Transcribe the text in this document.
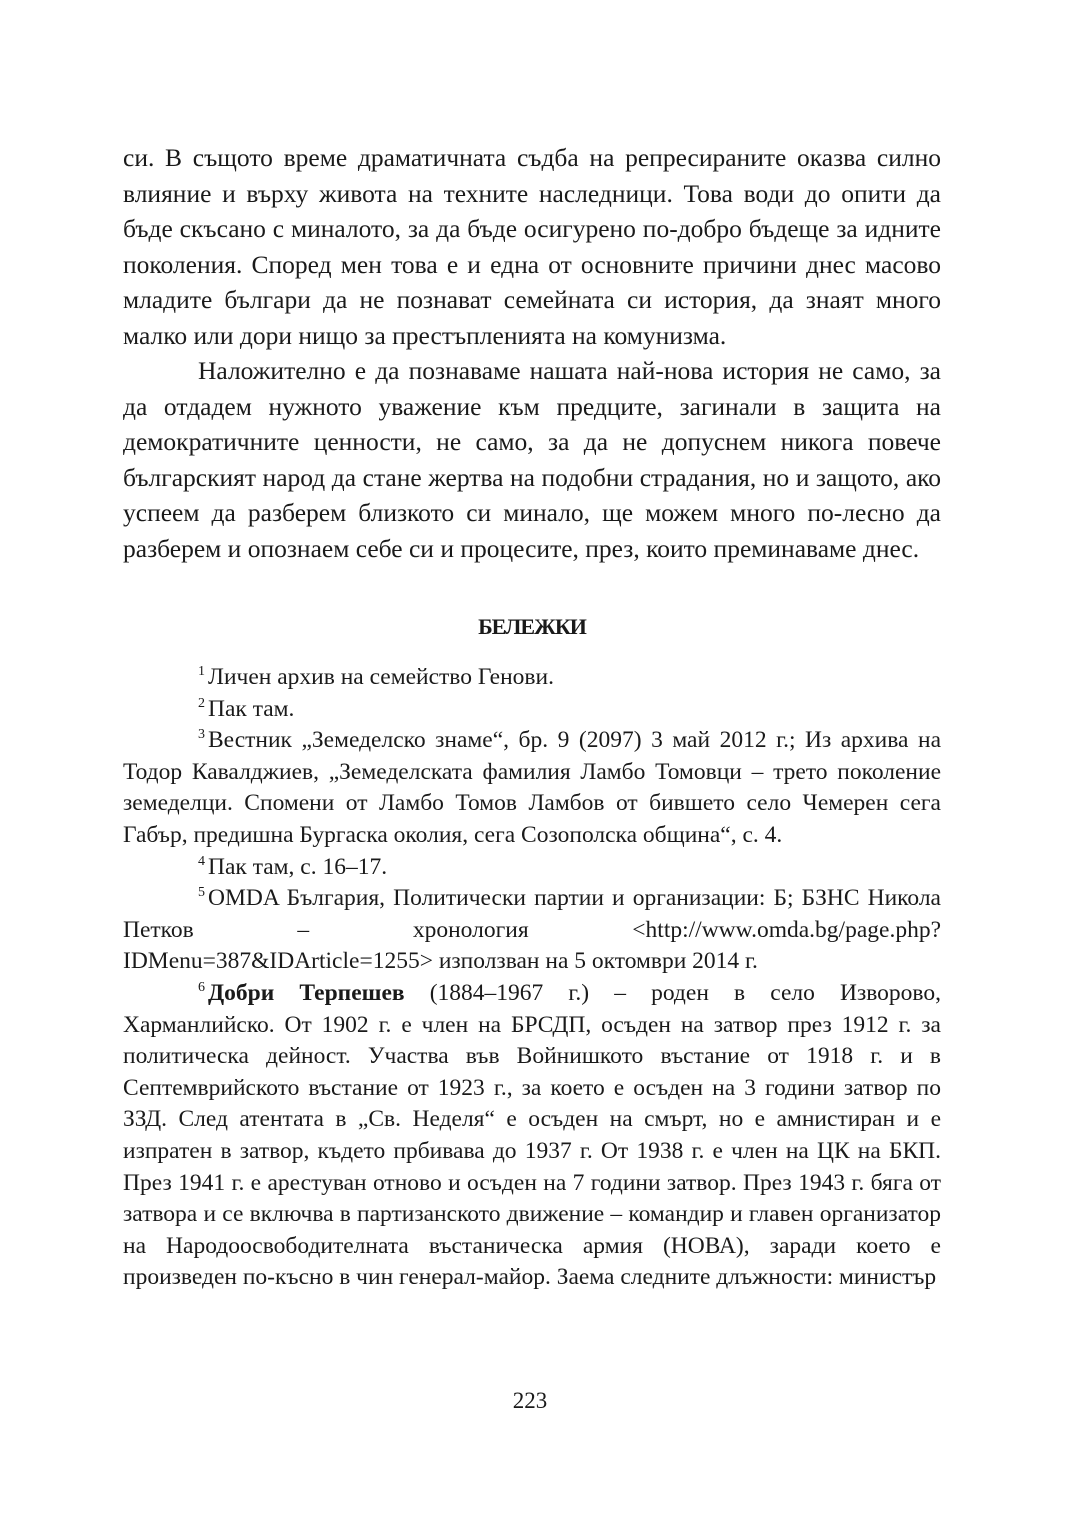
си. В същото време драматичната съдба на репресираните оказва силно влияние и върху живота на техните наследници. Това води до опити да бъде скъсано с миналото, за да бъде осигурено по-добро бъдеще за идните поколения. Според мен това е и една от основните причини днес масово младите българи да не познават семейната си история, да знаят много малко или дори нищо за престъпленията на комунизма.

Наложително е да познаваме нашата най-нова история не само, за да отдадем нужното уважение към предците, загинали в защита на демократичните ценности, не само, за да не допуснем никога повече българският народ да стане жертва на подобни страдания, но и защото, ако успеем да разберем близкото си минало, ще можем много по-лесно да разберем и опознаем себе си и процесите, през, които преминаваме днес.

БЕЛЕЖКИ

$^1$ Личен архив на семейство Генови.

$^2$ Пак там.

$^3$ Вестник „Земеделско знаме“, бр. 9 (2097) 3 май 2012 г.; Из архива на Тодор Кавалджиев, „Земеделската фамилия Ламбо Томовци – трето поколение земеделци. Спомени от Ламбо Томов Ламбов от бившето село Чемерен сега Габър, предишна Бургаска околия, сега Созополска община“, с. 4.

$^4$ Пак там, с. 16–17.

$^5$ OMDA България, Политически партии и организации: Б; БЗНС Никола Петков – хронология <http://www.omda.bg/page.php?IDMenu=387&IDArticle=1255> използван на 5 октомври 2014 г.

$^6$ Добри Терпешев (1884–1967 г.) – роден в село Изворово, Харманлийско. От 1902 г. е член на БРСДП, осъден на затвор през 1912 г. за политическа дейност. Участва във Войнишкото въстание от 1918 г. и в Септемврийското въстание от 1923 г., за което е осъден на 3 години затвор по ЗЗД. След атентата в „Св. Неделя“ е осъден на смърт, но е амнистиран и е изпратен в затвор, където прбивава до 1937 г. От 1938 г. е член на ЦК на БКП. През 1941 г. е арестуван отново и осъден на 7 години затвор. През 1943 г. бяга от затвора и се включва в партизанското движение – командир и главен организатор на Народоосвободителната въстаническа армия (НОВА), заради което е произведен по-късно в чин генерал-майор. Заема следните длъжности: министър

223
